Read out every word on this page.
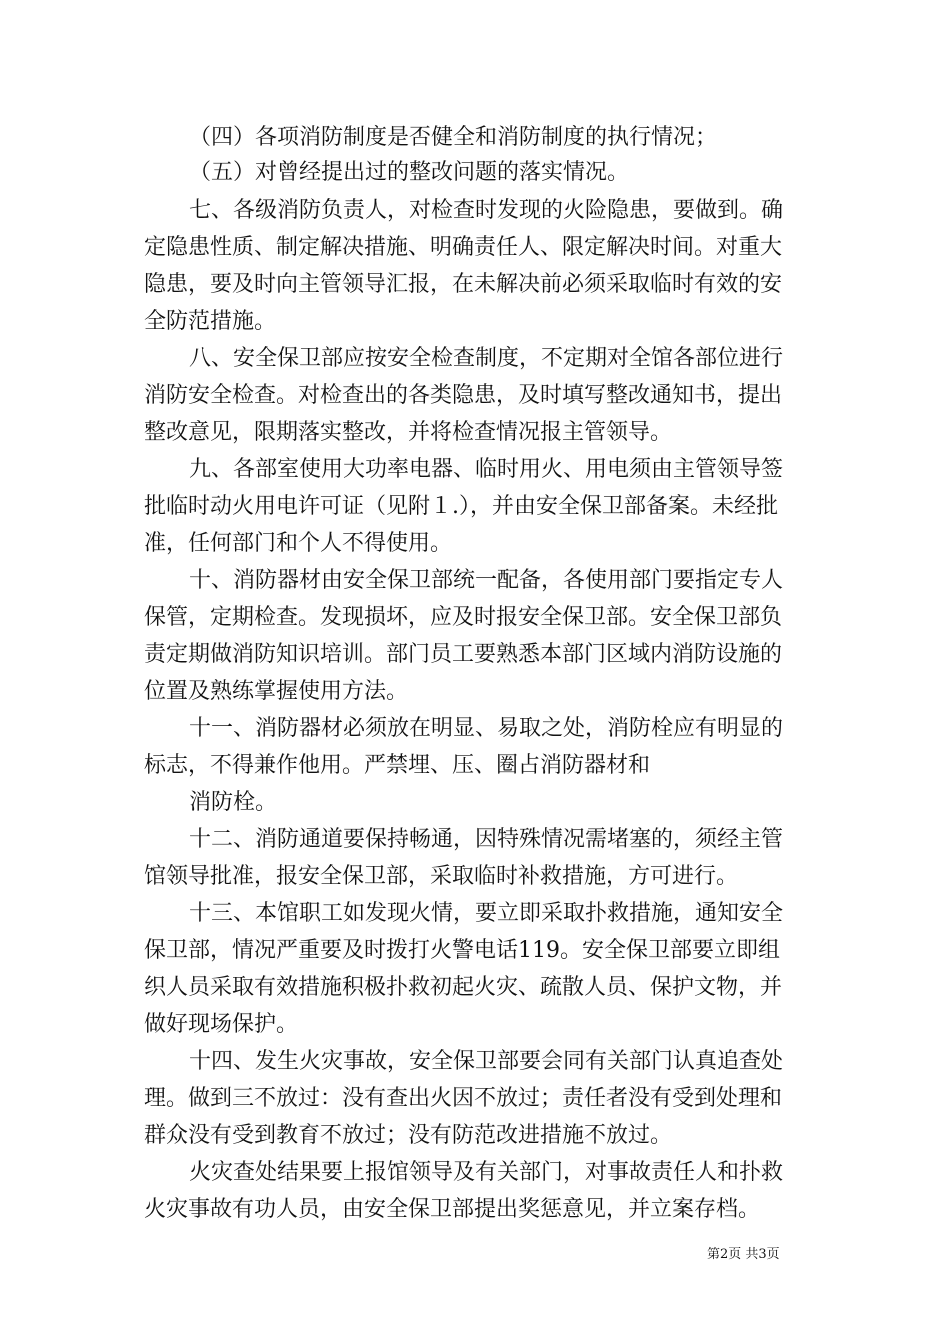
（四）各项消防制度是否健全和消防制度的执行情况；
（五）对曾经提出过的整改问题的落实情况。
七、各级消防负责人，对检查时发现的火险隐患，要做到。确
定隐患性质、制定解决措施、明确责任人、限定解决时间。对重大
隐患，要及时向主管领导汇报，在未解决前必须采取临时有效的安
全防范措施。
八、安全保卫部应按安全检查制度，不定期对全馆各部位进行
消防安全检查。对检查出的各类隐患，及时填写整改通知书，提出
整改意见，限期落实整改，并将检查情况报主管领导。
九、各部室使用大功率电器、临时用火、用电须由主管领导签
批临时动火用电许可证（见附１.），并由安全保卫部备案。未经批
准，任何部门和个人不得使用。
十、消防器材由安全保卫部统一配备，各使用部门要指定专人
保管，定期检查。发现损坏，应及时报安全保卫部。安全保卫部负
责定期做消防知识培训。部门员工要熟悉本部门区域内消防设施的
位置及熟练掌握使用方法。
十一、消防器材必须放在明显、易取之处，消防栓应有明显的
标志，不得兼作他用。严禁埋、压、圈占消防器材和
消防栓。
十二、消防通道要保持畅通，因特殊情况需堵塞的，须经主管
馆领导批准，报安全保卫部，采取临时补救措施，方可进行。
十三、本馆职工如发现火情，要立即采取扑救措施，通知安全
保卫部，情况严重要及时拨打火警电话119。安全保卫部要立即组
织人员采取有效措施积极扑救初起火灾、疏散人员、保护文物，并
做好现场保护。
十四、发生火灾事故，安全保卫部要会同有关部门认真追查处
理。做到三不放过：没有查出火因不放过；责任者没有受到处理和
群众没有受到教育不放过；没有防范改进措施不放过。
火灾查处结果要上报馆领导及有关部门，对事故责任人和扑救
火灾事故有功人员，由安全保卫部提出奖惩意见，并立案存档。
第2页 共3页
